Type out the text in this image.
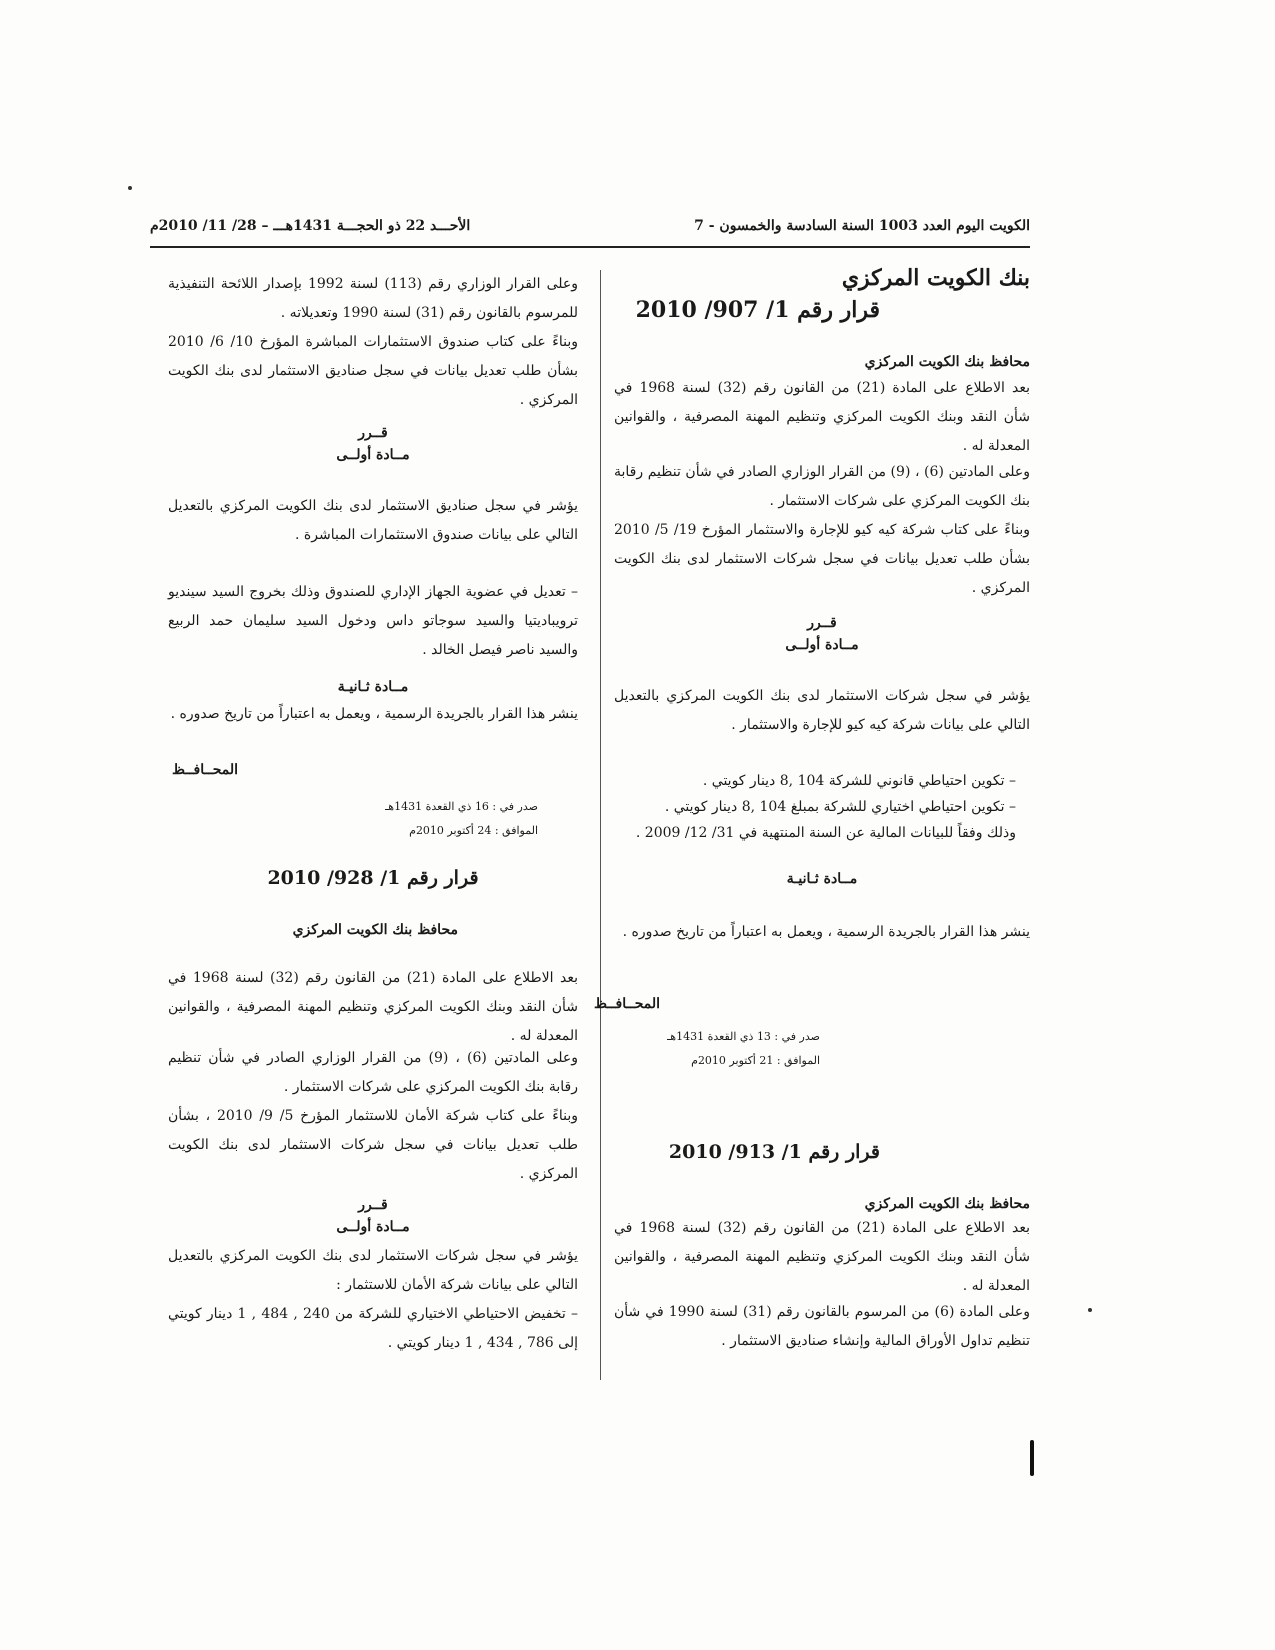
الكويت اليوم العدد 1003 السنة السادسة والخمسون - 7
الأحـــد 22 ذو الحجـــة 1431هـــ – 28/ 11/ 2010م
بنك الكويت المركزي
قرار رقم 1/ 907/ 2010
محافظ بنك الكويت المركزي

بعد الاطلاع على المادة (21) من القانون رقم (32) لسنة 1968 في شأن النقد وبنك الكويت المركزي وتنظيم المهنة المصرفية ، والقوانين المعدلة له .

وعلى المادتين (6) ، (9) من القرار الوزاري الصادر في شأن تنظيم رقابة بنك الكويت المركزي على شركات الاستثمار .

وبناءً على كتاب شركة كيه كيو للإجارة والاستثمار المؤرخ 19/ 5/ 2010 بشأن طلب تعديل بيانات في سجل شركات الاستثمار لدى بنك الكويت المركزي .

قــرر
مــادة أولــى

يؤشر في سجل شركات الاستثمار لدى بنك الكويت المركزي بالتعديل التالي على بيانات شركة كيه كيو للإجارة والاستثمار .

– تكوين احتياطي قانوني للشركة 104 ,8 دينار كويتي .
– تكوين احتياطي اختياري للشركة بمبلغ 104 ,8 دينار كويتي .
وذلك وفقاً للبيانات المالية عن السنة المنتهية في 31/ 12/ 2009 .
مــادة ثـانيـة

ينشر هذا القرار بالجريدة الرسمية ، ويعمل به اعتباراً من تاريخ صدوره .

المحــافــظ
صدر في : 13 ذي القعدة 1431هـ
الموافق : 21 أكتوبر 2010م
قرار رقم 1/ 913/ 2010
محافظ بنك الكويت المركزي

بعد الاطلاع على المادة (21) من القانون رقم (32) لسنة 1968 في شأن النقد وبنك الكويت المركزي وتنظيم المهنة المصرفية ، والقوانين المعدلة له .

وعلى المادة (6) من المرسوم بالقانون رقم (31) لسنة 1990 في شأن تنظيم تداول الأوراق المالية وإنشاء صناديق الاستثمار .

وعلى القرار الوزاري رقم (113) لسنة 1992 بإصدار اللائحة التنفيذية للمرسوم بالقانون رقم (31) لسنة 1990 وتعديلاته .

وبناءً على كتاب صندوق الاستثمارات المباشرة المؤرخ 10/ 6/ 2010 بشأن طلب تعديل بيانات في سجل صناديق الاستثمار لدى بنك الكويت المركزي .

قــرر
مــادة أولــى

يؤشر في سجل صناديق الاستثمار لدى بنك الكويت المركزي بالتعديل التالي على بيانات صندوق الاستثمارات المباشرة .

– تعديل في عضوية الجهاز الإداري للصندوق وذلك بخروج السيد سينديو ترويباديتيا والسيد سوجاتو داس ودخول السيد سليمان حمد الربيع والسيد ناصر فيصل الخالد .

مــادة ثـانيـة

ينشر هذا القرار بالجريدة الرسمية ، ويعمل به اعتباراً من تاريخ صدوره .

المحــافــظ
صدر في : 16 ذي القعدة 1431هـ
الموافق : 24 أكتوبر 2010م
قرار رقم 1/ 928/ 2010
محافظ بنك الكويت المركزي

بعد الاطلاع على المادة (21) من القانون رقم (32) لسنة 1968 في شأن النقد وبنك الكويت المركزي وتنظيم المهنة المصرفية ، والقوانين المعدلة له .

وعلى المادتين (6) ، (9) من القرار الوزاري الصادر في شأن تنظيم رقابة بنك الكويت المركزي على شركات الاستثمار .

وبناءً على كتاب شركة الأمان للاستثمار المؤرخ 5/ 9/ 2010 ، بشأن طلب تعديل بيانات في سجل شركات الاستثمار لدى بنك الكويت المركزي .

قــرر
مــادة أولــى

يؤشر في سجل شركات الاستثمار لدى بنك الكويت المركزي بالتعديل التالي على بيانات شركة الأمان للاستثمار :

– تخفيض الاحتياطي الاختياري للشركة من 240 , 484 , 1 دينار كويتي إلى 786 , 434 , 1 دينار كويتي .
